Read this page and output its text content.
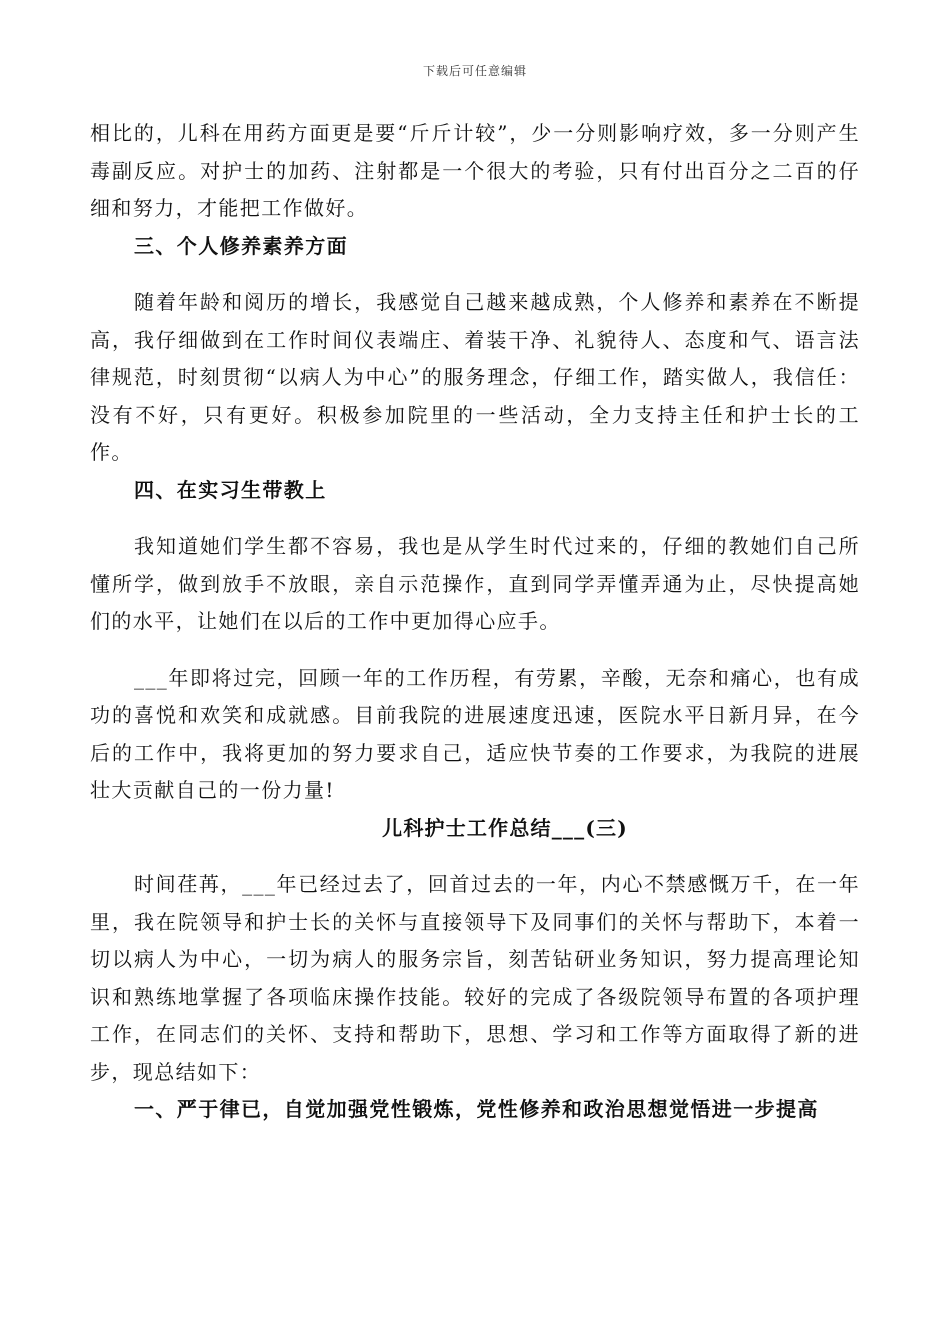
下载后可任意编辑

相比的，儿科在用药方面更是要“斤斤计较”，少一分则影响疗效，多一分则产生毒副反应。对护士的加药、注射都是一个很大的考验，只有付出百分之二百的仔细和努力，才能把工作做好。

三、个人修养素养方面

随着年龄和阅历的增长，我感觉自己越来越成熟，个人修养和素养在不断提高，我仔细做到在工作时间仪表端庄、着装干净、礼貌待人、态度和气、语言法律规范，时刻贯彻“以病人为中心”的服务理念，仔细工作，踏实做人，我信任：没有不好，只有更好。积极参加院里的一些活动，全力支持主任和护士长的工作。

四、在实习生带教上

我知道她们学生都不容易，我也是从学生时代过来的，仔细的教她们自己所懂所学，做到放手不放眼，亲自示范操作，直到同学弄懂弄通为止，尽快提高她们的水平，让她们在以后的工作中更加得心应手。

___年即将过完，回顾一年的工作历程，有劳累，辛酸，无奈和痛心，也有成功的喜悦和欢笑和成就感。目前我院的进展速度迅速，医院水平日新月异，在今后的工作中，我将更加的努力要求自己，适应快节奏的工作要求，为我院的进展壮大贡献自己的一份力量!

儿科护士工作总结___(三)

时间荏苒，___年已经过去了，回首过去的一年，内心不禁感慨万千，在一年里，我在院领导和护士长的关怀与直接领导下及同事们的关怀与帮助下，本着一切以病人为中心，一切为病人的服务宗旨，刻苦钻研业务知识，努力提高理论知识和熟练地掌握了各项临床操作技能。较好的完成了各级院领导布置的各项护理工作，在同志们的关怀、支持和帮助下，思想、学习和工作等方面取得了新的进步，现总结如下：

一、严于律已，自觉加强党性锻炼，党性修养和政治思想觉悟进一步提高
